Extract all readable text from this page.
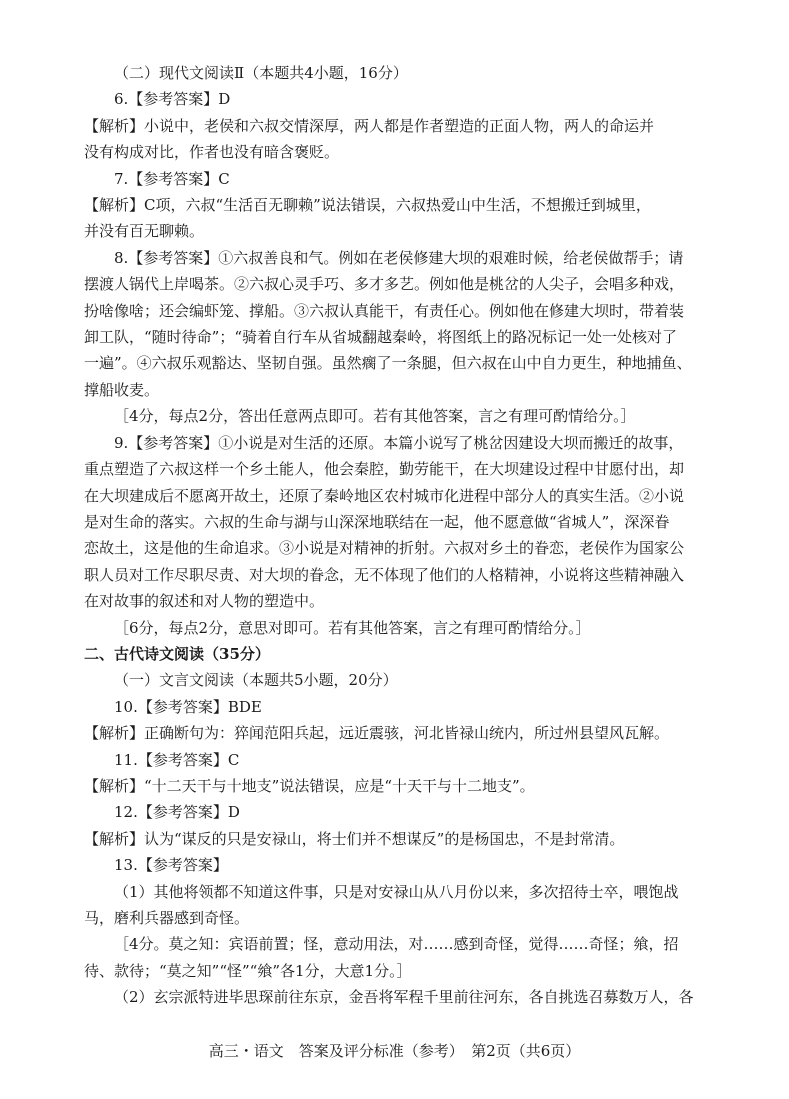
（二）现代文阅读Ⅱ（本题共4小题，16分）
6.【参考答案】D
【解析】小说中，老侯和六叔交情深厚，两人都是作者塑造的正面人物，两人的命运并
没有构成对比，作者也没有暗含褒贬。
7.【参考答案】C
【解析】C项，六叔“生活百无聊赖”说法错误，六叔热爱山中生活，不想搬迁到城里，
并没有百无聊赖。
8.【参考答案】①六叔善良和气。例如在老侯修建大坝的艰难时候，给老侯做帮手；请
摆渡人锅代上岸喝茶。②六叔心灵手巧、多才多艺。例如他是桃岔的人尖子，会唱多种戏，
扮啥像啥；还会编虾笼、撑船。③六叔认真能干，有责任心。例如他在修建大坝时，带着装
卸工队，“随时待命”；“骑着自行车从省城翻越秦岭，将图纸上的路况标记一处一处核对了
一遍”。④六叔乐观豁达、坚韧自强。虽然瘸了一条腿，但六叔在山中自力更生，种地捕鱼、
撑船收麦。
［4分，每点2分，答出任意两点即可。若有其他答案，言之有理可酌情给分。］
9.【参考答案】①小说是对生活的还原。本篇小说写了桃岔因建设大坝而搬迁的故事，
重点塑造了六叔这样一个乡土能人，他会秦腔，勤劳能干，在大坝建设过程中甘愿付出，却
在大坝建成后不愿离开故土，还原了秦岭地区农村城市化进程中部分人的真实生活。②小说
是对生命的落实。六叔的生命与湖与山深深地联结在一起，他不愿意做“省城人”，深深眷
恋故土，这是他的生命追求。③小说是对精神的折射。六叔对乡土的眷恋，老侯作为国家公
职人员对工作尽职尽责、对大坝的眷念，无不体现了他们的人格精神，小说将这些精神融入
在对故事的叙述和对人物的塑造中。
［6分，每点2分，意思对即可。若有其他答案，言之有理可酌情给分。］
二、古代诗文阅读（35分）
（一）文言文阅读（本题共5小题，20分）
10.【参考答案】BDE
【解析】正确断句为：猝闻范阳兵起，远近震骇，河北皆禄山统内，所过州县望风瓦解。
11.【参考答案】C
【解析】“十二天干与十地支”说法错误，应是“十天干与十二地支”。
12.【参考答案】D
【解析】认为“谋反的只是安禄山，将士们并不想谋反”的是杨国忠，不是封常清。
13.【参考答案】
（1）其他将领都不知道这件事，只是对安禄山从八月份以来，多次招待士卒，喂饱战
马，磨利兵器感到奇怪。
［4分。莫之知：宾语前置；怪，意动用法，对……感到奇怪，觉得……奇怪；飨，招
待、款待；“莫之知”“怪”“飨”各1分，大意1分。］
（2）玄宗派特进毕思琛前往东京，金吾将军程千里前往河东，各自挑选召募数万人，各
高三・语文　答案及评分标准（参考）　第2页（共6页）
